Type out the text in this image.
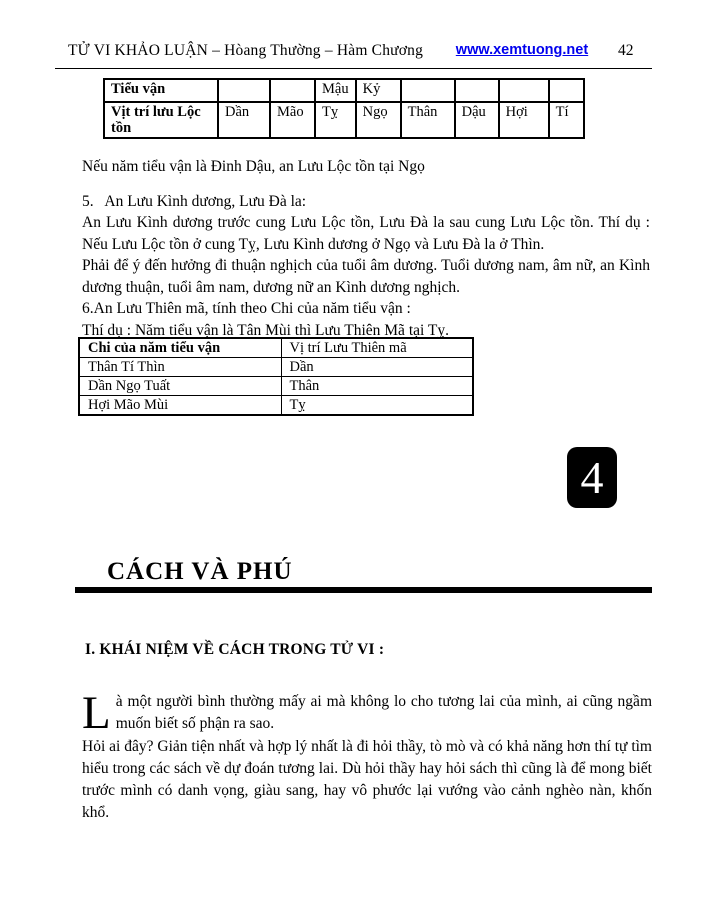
TỬ VI KHẢO LUẬN – Hòang Thường – Hàm Chương	www.xemtuong.net	42
Tiểu vận			Mậu	Kỷ				
Vịt trí lưu Lộc tồn	Dần	Mão	Tỵ	Ngọ	Thân	Dậu	Hợi	Tí

Nếu năm tiểu vận là Đinh Dậu, an Lưu Lộc tồn tại Ngọ

5.   An Lưu Kình dương, Lưu Đà la:

An Lưu Kình dương trước cung Lưu Lộc tồn, Lưu Đà la sau cung Lưu Lộc tồn. Thí dụ : Nếu Lưu Lộc tồn ở cung Tỵ, Lưu Kình dương ở Ngọ và Lưu Đà la ở Thìn.

Phải để ý đến hưởng đi thuận nghịch của tuổi âm dương. Tuổi dương nam, âm nữ, an Kình dương thuận, tuổi âm nam, dương nữ an Kình dương nghịch.

6.An Lưu Thiên mã, tính theo Chi của năm tiểu vận :

Thí dụ : Năm tiểu vận là Tân Mùi thì Lưu Thiên Mã tại Tỵ.

Chi của năm tiểu vận	Vị trí Lưu Thiên mã
Thân Tí Thìn	Dần
Dần Ngọ Tuất	Thân
Hợi Mão Mùi	Tỵ
4
CÁCH VÀ PHÚ
I. KHÁI NIỆM VỀ CÁCH TRONG TỬ VI :

Là một người bình thường mấy ai mà không lo cho tương lai của mình, ai cũng ngầm muốn biết số phận ra sao.

Hỏi ai đây? Giản tiện nhất và hợp lý nhất là đi hỏi thầy, tò mò và có khả năng hơn thí tự tìm hiểu trong các sách về dự đoán tương lai. Dù hỏi thầy hay hỏi sách thì cũng là để mong biết trước mình có danh vọng, giàu sang, hay vô phước lại vướng vào cảnh nghèo nàn, khốn khổ.
